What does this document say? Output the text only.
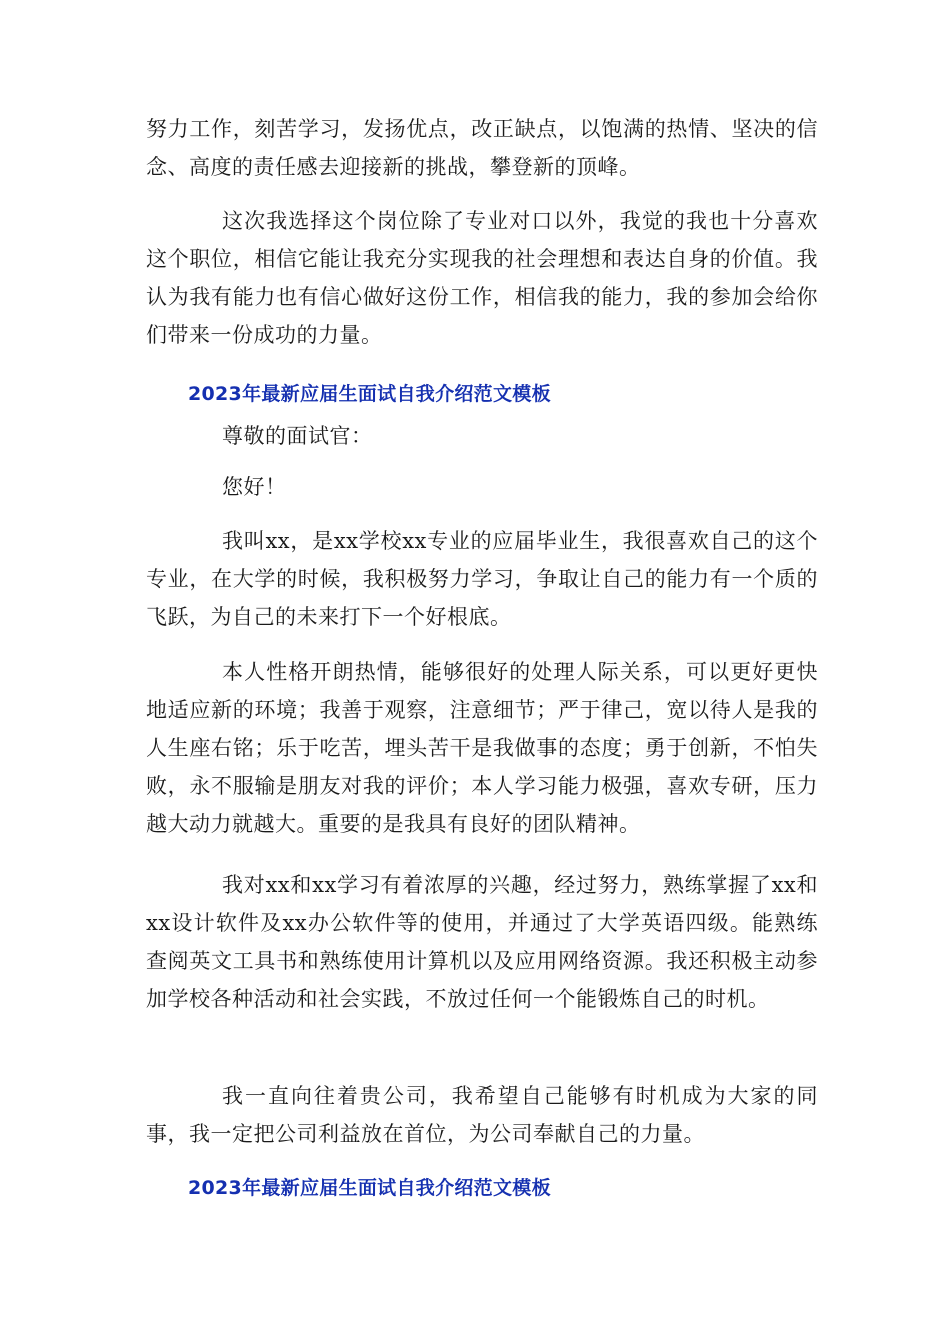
努力工作，刻苦学习，发扬优点，改正缺点，以饱满的热情、坚决的信念、高度的责任感去迎接新的挑战，攀登新的顶峰。

这次我选择这个岗位除了专业对口以外，我觉的我也十分喜欢这个职位，相信它能让我充分实现我的社会理想和表达自身的价值。我认为我有能力也有信心做好这份工作，相信我的能力，我的参加会给你们带来一份成功的力量。

2023年最新应届生面试自我介绍范文模板

尊敬的面试官：

您好！

我叫xx，是xx学校xx专业的应届毕业生，我很喜欢自己的这个专业，在大学的时候，我积极努力学习，争取让自己的能力有一个质的飞跃，为自己的未来打下一个好根底。

本人性格开朗热情，能够很好的处理人际关系，可以更好更快地适应新的环境；我善于观察，注意细节；严于律己，宽以待人是我的人生座右铭；乐于吃苦，埋头苦干是我做事的态度；勇于创新，不怕失败，永不服输是朋友对我的评价；本人学习能力极强，喜欢专研，压力越大动力就越大。重要的是我具有良好的团队精神。

我对xx和xx学习有着浓厚的兴趣，经过努力，熟练掌握了xx和xx设计软件及xx办公软件等的使用，并通过了大学英语四级。能熟练查阅英文工具书和熟练使用计算机以及应用网络资源。我还积极主动参加学校各种活动和社会实践，不放过任何一个能锻炼自己的时机。

我一直向往着贵公司，我希望自己能够有时机成为大家的同事，我一定把公司利益放在首位，为公司奉献自己的力量。

2023年最新应届生面试自我介绍范文模板
